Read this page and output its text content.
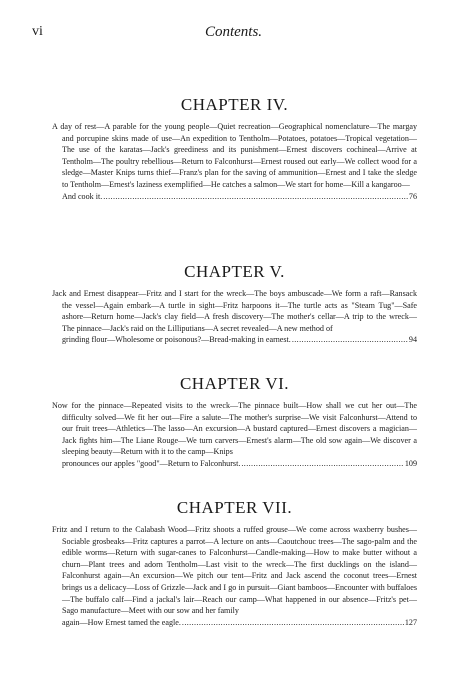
vi	Contents.
CHAPTER IV.

A day of rest—A parable for the young people—Quiet recreation—Geographical nomenclature—The margay and porcupine skins made of use—An expedition to Tentholm—Potatoes, potatoes—Tropical vegetation—The use of the karatas—Jack's greediness and its punishment—Ernest discovers cochineal—Arrive at Tentholm—The poultry rebellious—Return to Falconhurst—Ernest roused out early—We collect wood for a sledge—Master Knips turns thief—Franz's plan for the saving of ammunition—Ernest and I take the sledge to Tentholm—Ernest's laziness exemplified—He catches a salmon—We start for home—Kill a kangaroo—

And cook it. .....	76
CHAPTER V.

Jack and Ernest disappear—Fritz and I start for the wreck—The boys ambuscade—We form a raft—Ransack the vessel—Again embark—A turtle in sight—Fritz harpoons it—The turtle acts as "Steam Tug"—Safe ashore—Return home—Jack's clay field—A fresh discovery—The mother's cellar—A trip to the wreck—The pinnace—Jack's raid on the Lilliputians—A secret revealed—A new method of

grinding flour—Wholesome or poisonous?—Bread-making in earnest. .....	94
CHAPTER VI.

Now for the pinnace—Repeated visits to the wreck—The pinnace built—How shall we cut her out—The difficulty solved—We fit her out—Fire a salute—The mother's surprise—We visit Falconhurst—Attend to our fruit trees—Athletics—The lasso—An excursion—A bustard captured—Ernest discovers a magician—Jack fights him—The Liane Rouge—We turn carvers—Ernest's alarm—The old sow again—We discover a sleeping beauty—Return with it to the camp—Knips

pronounces our apples "good"—Return to Falconhurst. .....	109
CHAPTER VII.

Fritz and I return to the Calabash Wood—Fritz shoots a ruffed grouse—We come across waxberry bushes—Sociable grosbeaks—Fritz captures a parrot—A lecture on ants—Caoutchouc trees—The sago-palm and the edible worms—Return with sugar-canes to Falconhurst—Candle-making—How to make butter without a churn—Plant trees and adorn Tentholm—Last visit to the wreck—The first ducklings on the island—Falconhurst again—An excursion—We pitch our tent—Fritz and Jack ascend the coconut trees—Ernest brings us a delicacy—Loss of Grizzle—Jack and I go in pursuit—Giant bamboos—Encounter with buffaloes—The buffalo calf—Find a jackal's lair—Reach our camp—What happened in our absence—Fritz's pet—Sago manufacture—Meet with our sow and her family

again—How Ernest tamed the eagle. .....	127
